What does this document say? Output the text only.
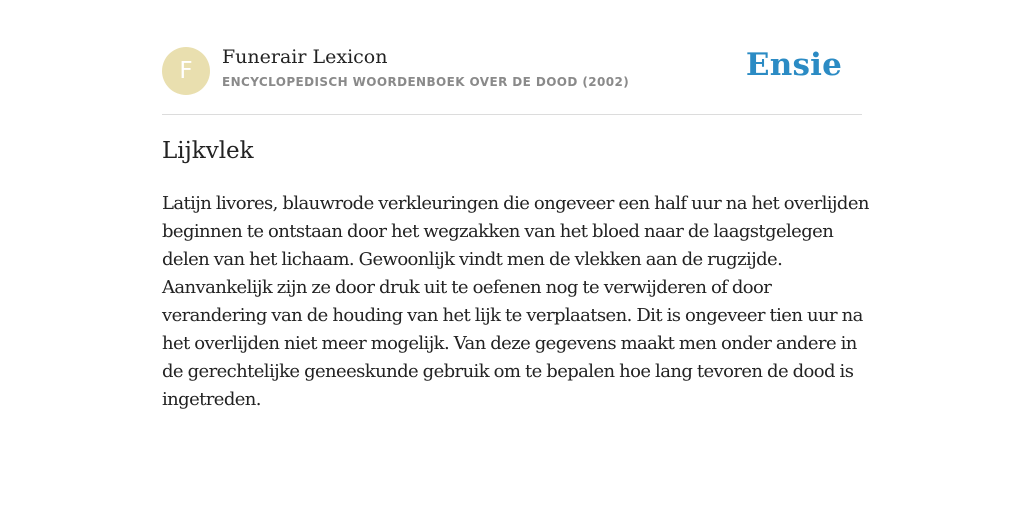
F
Funerair Lexicon
ENCYCLOPEDISCH WOORDENBOEK OVER DE DOOD (2002)	Ensie
Lijkvlek

Latijn livores, blauwrode verkleuringen die ongeveer een half uur na het overlijden beginnen te ontstaan door het wegzakken van het bloed naar de laagstgelegen delen van het lichaam. Gewoonlijk vindt men de vlekken aan de rugzijde. Aanvankelijk zijn ze door druk uit te oefenen nog te verwijderen of door verandering van de houding van het lijk te verplaatsen. Dit is ongeveer tien uur na het overlijden niet meer mogelijk. Van deze gegevens maakt men onder andere in de gerechtelijke geneeskunde gebruik om te bepalen hoe lang tevoren de dood is ingetreden.
